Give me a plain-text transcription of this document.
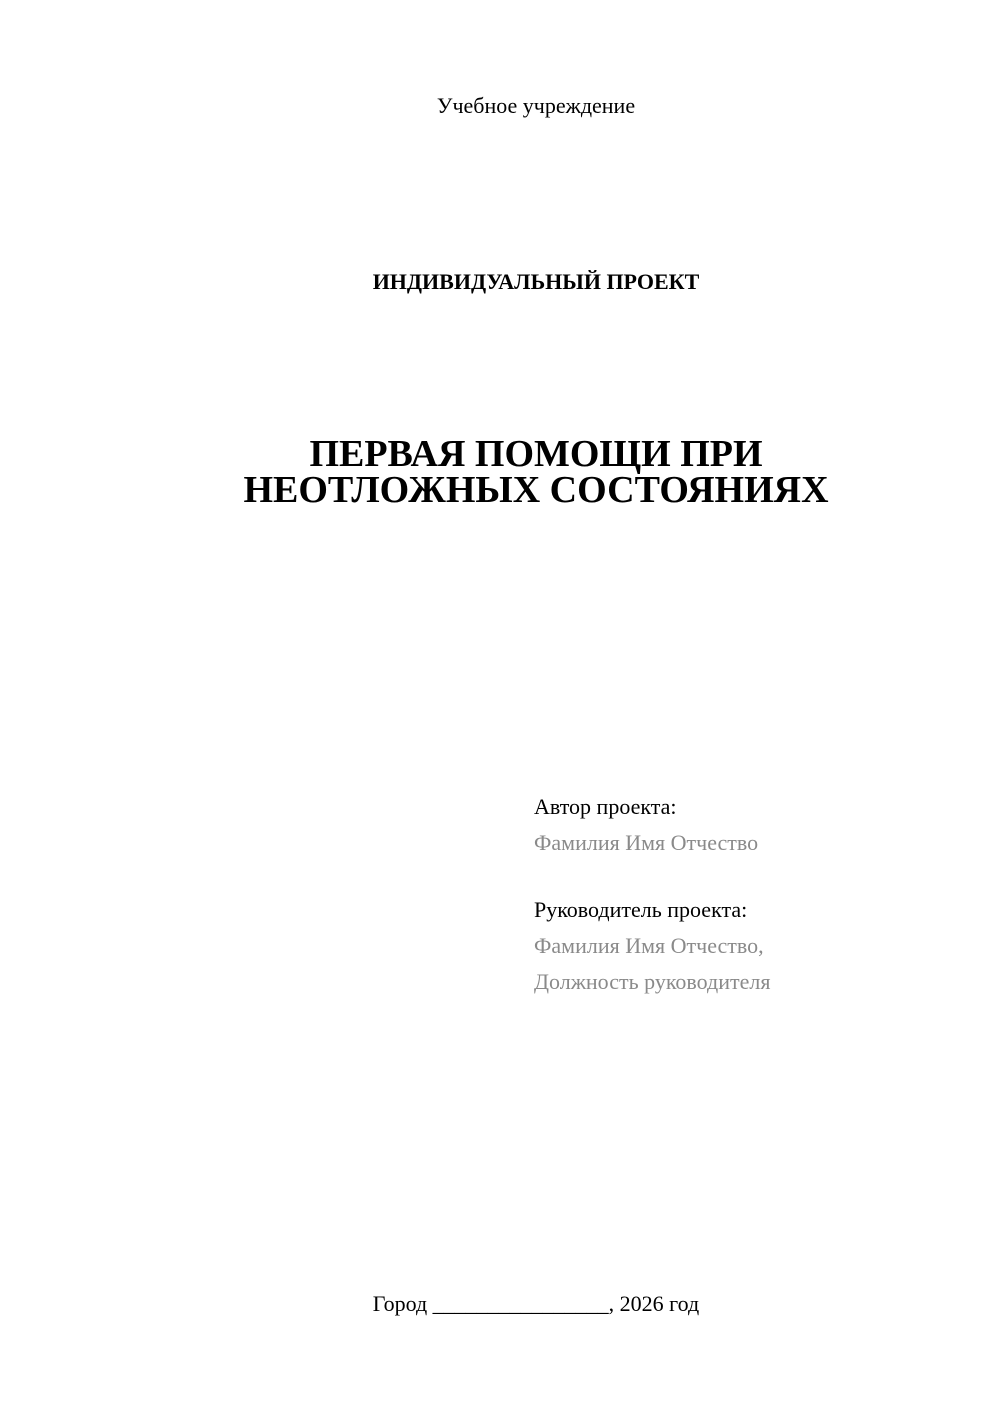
Учебное учреждение
ИНДИВИДУАЛЬНЫЙ ПРОЕКТ
ПЕРВАЯ ПОМОЩИ ПРИ
НЕОТЛОЖНЫХ СОСТОЯНИЯХ
Автор проекта:
Фамилия Имя Отчество
Руководитель проекта:
Фамилия Имя Отчество,
Должность руководителя
Город ________________, 2026 год
